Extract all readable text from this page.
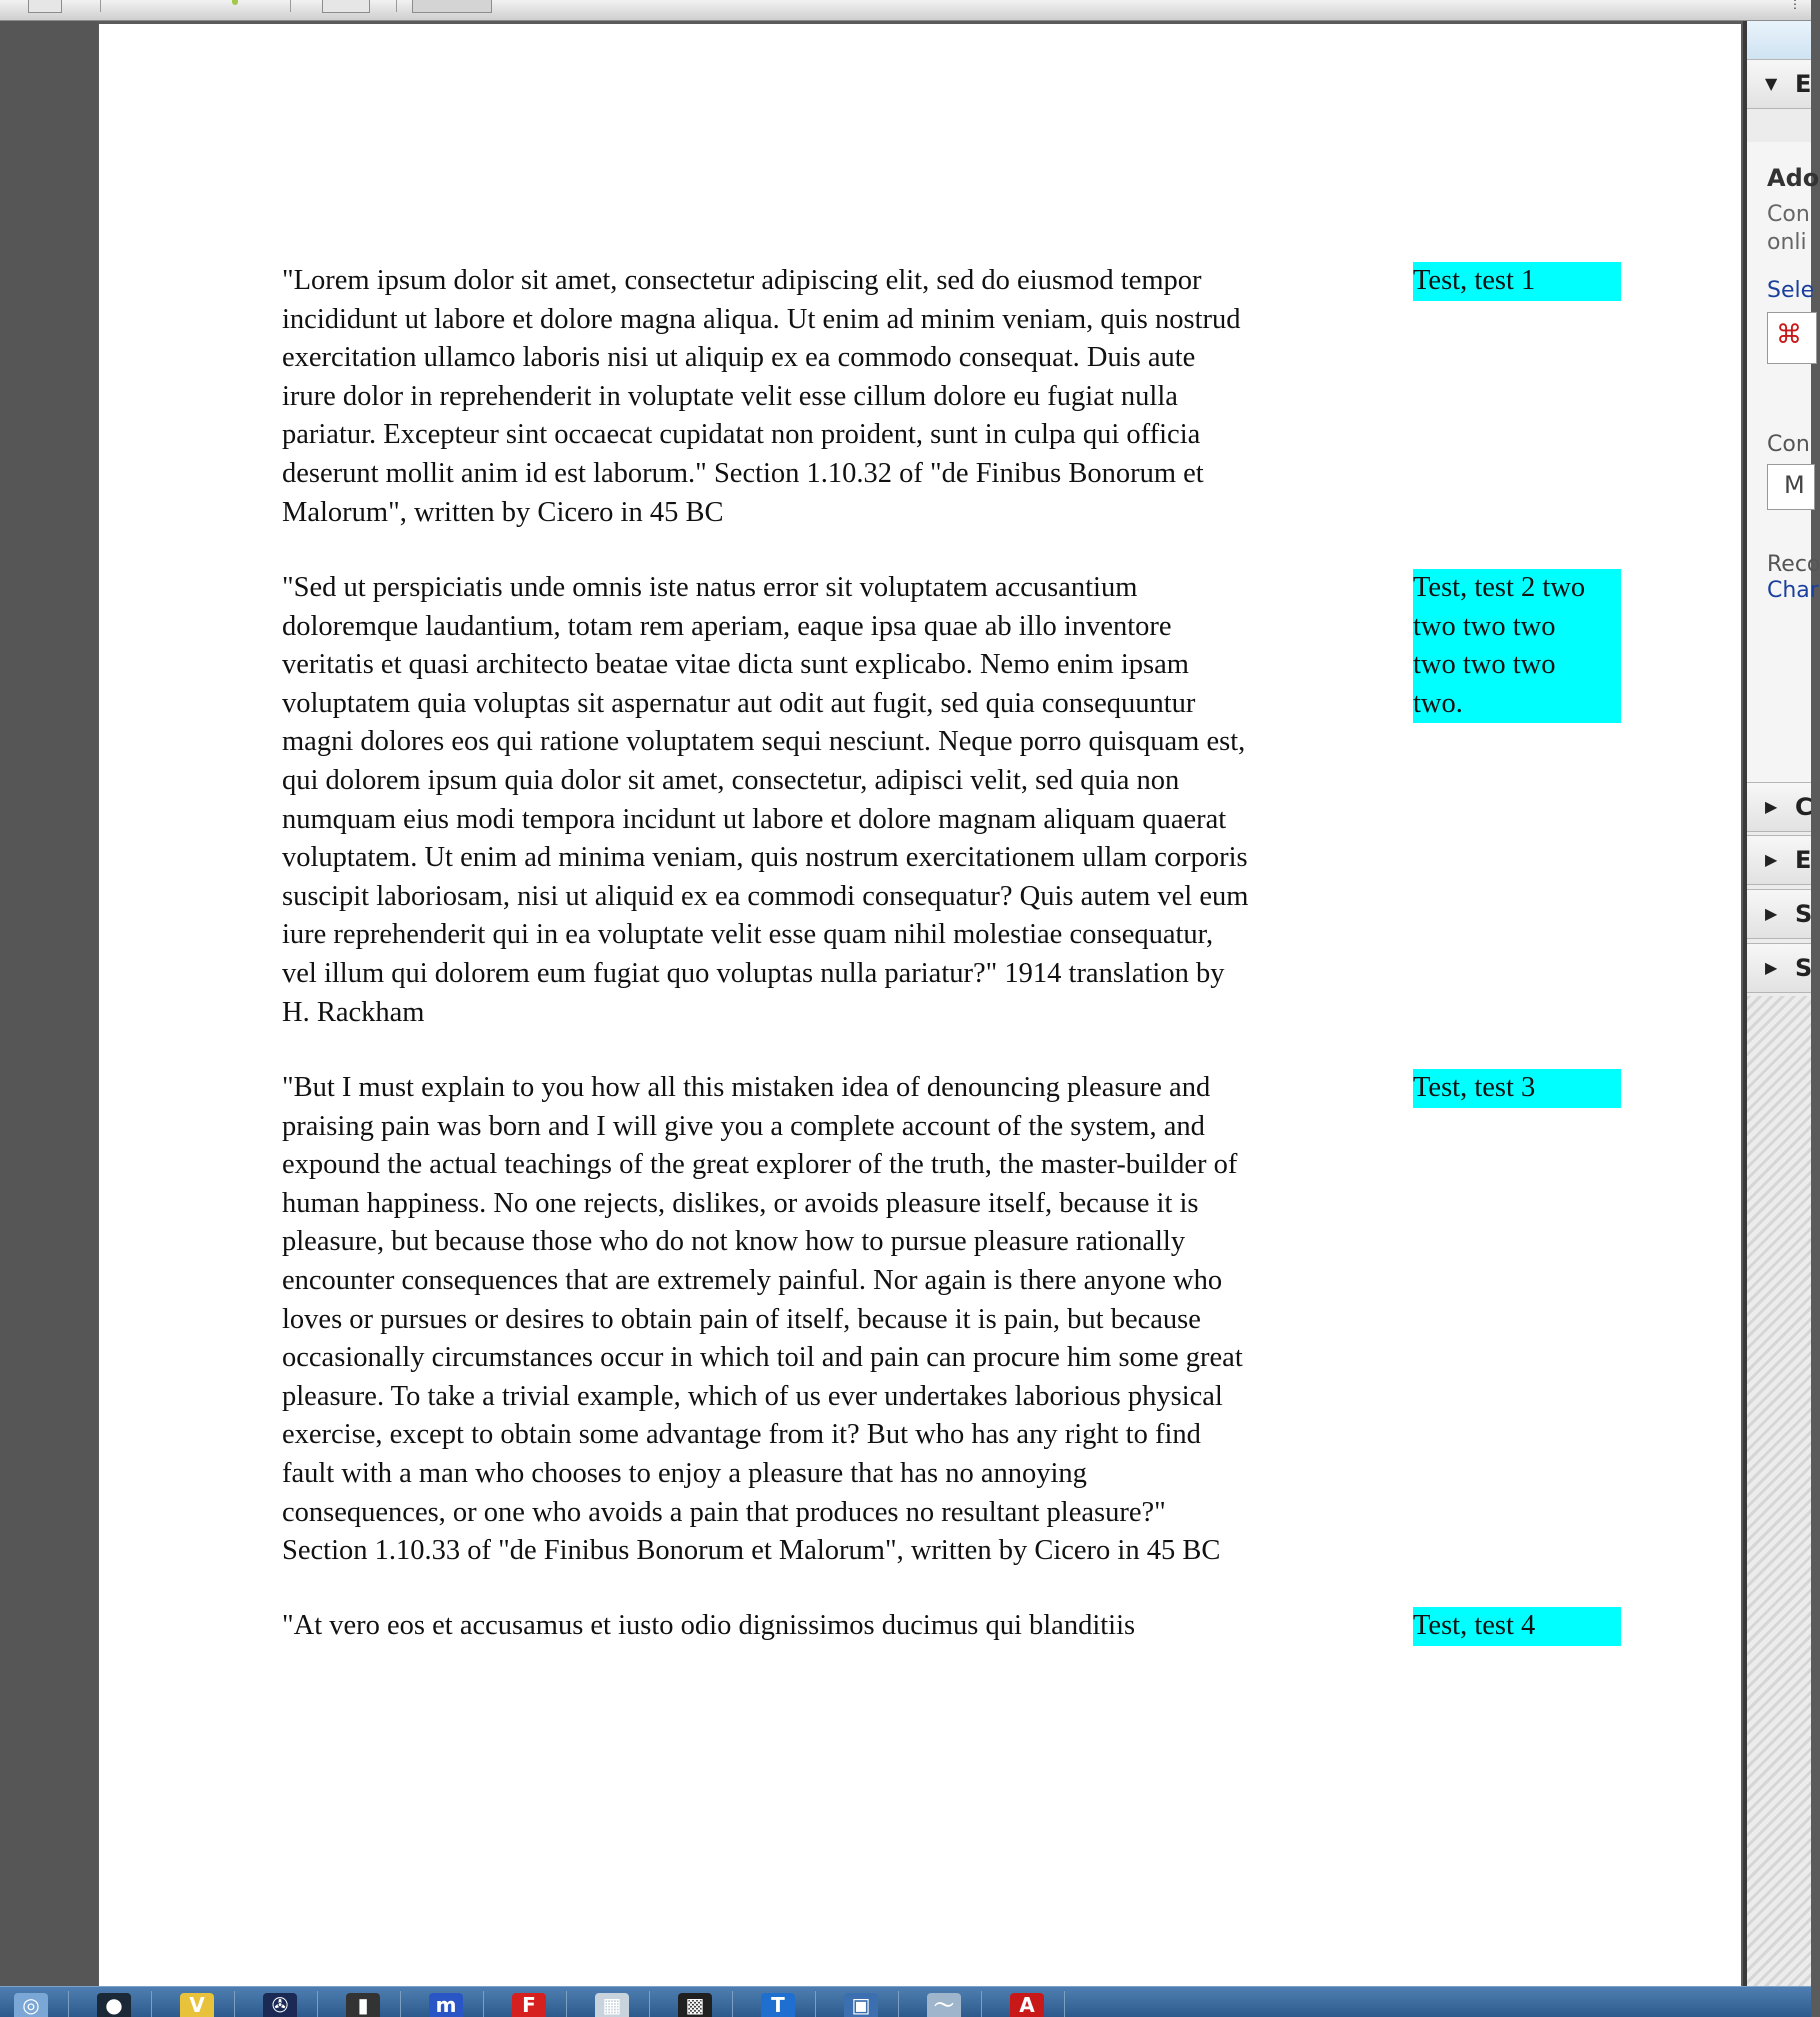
⋮
"Lorem ipsum dolor sit amet, consectetur adipiscing elit, sed do eiusmod tempor
incididunt ut labore et dolore magna aliqua. Ut enim ad minim veniam, quis nostrud
exercitation ullamco laboris nisi ut aliquip ex ea commodo consequat. Duis aute
irure dolor in reprehenderit in voluptate velit esse cillum dolore eu fugiat nulla
pariatur. Excepteur sint occaecat cupidatat non proident, sunt in culpa qui officia
deserunt mollit anim id est laborum." Section 1.10.32 of "de Finibus Bonorum et
Malorum", written by Cicero in 45 BC
Test, test 1
"Sed ut perspiciatis unde omnis iste natus error sit voluptatem accusantium
doloremque laudantium, totam rem aperiam, eaque ipsa quae ab illo inventore
veritatis et quasi architecto beatae vitae dicta sunt explicabo. Nemo enim ipsam
voluptatem quia voluptas sit aspernatur aut odit aut fugit, sed quia consequuntur
magni dolores eos qui ratione voluptatem sequi nesciunt. Neque porro quisquam est,
qui dolorem ipsum quia dolor sit amet, consectetur, adipisci velit, sed quia non
numquam eius modi tempora incidunt ut labore et dolore magnam aliquam quaerat
voluptatem. Ut enim ad minima veniam, quis nostrum exercitationem ullam corporis
suscipit laboriosam, nisi ut aliquid ex ea commodi consequatur? Quis autem vel eum
iure reprehenderit qui in ea voluptate velit esse quam nihil molestiae consequatur,
vel illum qui dolorem eum fugiat quo voluptas nulla pariatur?" 1914 translation by
H. Rackham
Test, test 2 two
two two two
two two two
two.
"But I must explain to you how all this mistaken idea of denouncing pleasure and
praising pain was born and I will give you a complete account of the system, and
expound the actual teachings of the great explorer of the truth, the master-builder of
human happiness. No one rejects, dislikes, or avoids pleasure itself, because it is
pleasure, but because those who do not know how to pursue pleasure rationally
encounter consequences that are extremely painful. Nor again is there anyone who
loves or pursues or desires to obtain pain of itself, because it is pain, but because
occasionally circumstances occur in which toil and pain can procure him some great
pleasure. To take a trivial example, which of us ever undertakes laborious physical
exercise, except to obtain some advantage from it? But who has any right to find
fault with a man who chooses to enjoy a pleasure that has no annoying
consequences, or one who avoids a pain that produces no resultant pleasure?"
Section 1.10.33 of "de Finibus Bonorum et Malorum", written by Cicero in 45 BC
Test, test 3
"At vero eos et accusamus et iusto odio dignissimos ducimus qui blanditiis	Test, test 4
▼ E
Ado
Con
onli
Sele
⌘
Con
M
Reco
Char
▶ C
▶ E
▶ S
▶ S
◎	●	V	✇	▮	m	F	▦	▩	T	▣	〜	A
